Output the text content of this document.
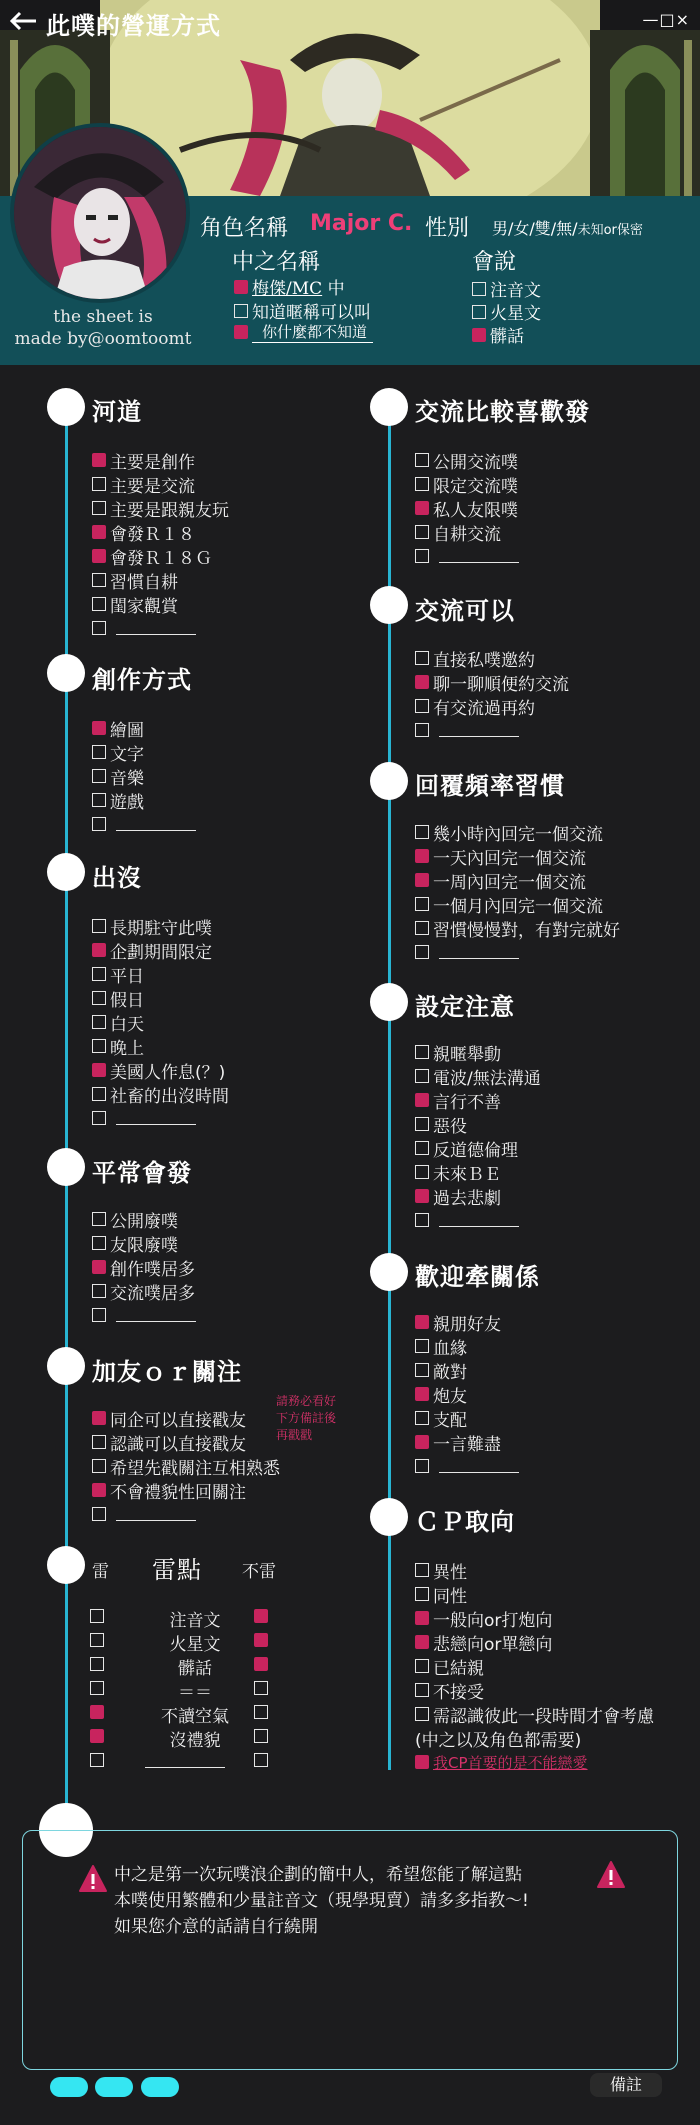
此噗的營運方式	—□×
the sheet is
made by@oomtoomt
角色名稱 Major C. 性別 男/女/雙/無/未知or保密
中之名稱
梅傑/MC
中
知道暱稱可以叫
你什麼都不知道
會說
注音文
火星文
髒話
河道
主要是創作
主要是交流
主要是跟親友玩
會發Ｒ１８
會發Ｒ１８Ｇ
習慣自耕
閨家觀賞
創作方式
繪圖
文字
音樂
遊戲
出沒
長期駐守此噗
企劃期間限定
平日
假日
白天
晚上
美國人作息(？)
社畜的出沒時間
平常會發
公開廢噗
友限廢噗
創作噗居多
交流噗居多
加友ｏｒ關注
請務必看好
下方備註後
再戳戳
同企可以直接戳友
認識可以直接戳友
希望先戳關注互相熟悉
不會禮貌性回關注
雷 雷點 不雷
注音文
火星文
髒話
＝＝
不讀空氣
沒禮貌
交流比較喜歡發
公開交流噗
限定交流噗
私人友限噗
自耕交流
交流可以
直接私噗邀約
聊一聊順便約交流
有交流過再約
回覆頻率習慣
幾小時內回完一個交流
一天內回完一個交流
一周內回完一個交流
一個月內回完一個交流
習慣慢慢對，有對完就好
設定注意
親暱舉動
電波/無法溝通
言行不善
惡役
反道德倫理
未來ＢＥ
過去悲劇
歡迎牽關係
親朋好友
血緣
敵對
炮友
支配
一言難盡
ＣＰ取向
異性
同性
一般向or打炮向
悲戀向or單戀向
已結親
不接受
需認識彼此一段時間才會考慮
(中之以及角色都需要)
我CP首要的是不能戀愛
中之是第一次玩噗浪企劃的簡中人，希望您能了解這點
本噗使用繁體和少量註音文（現學現賣）請多多指教～!
如果您介意的話請自行繞開
備註
